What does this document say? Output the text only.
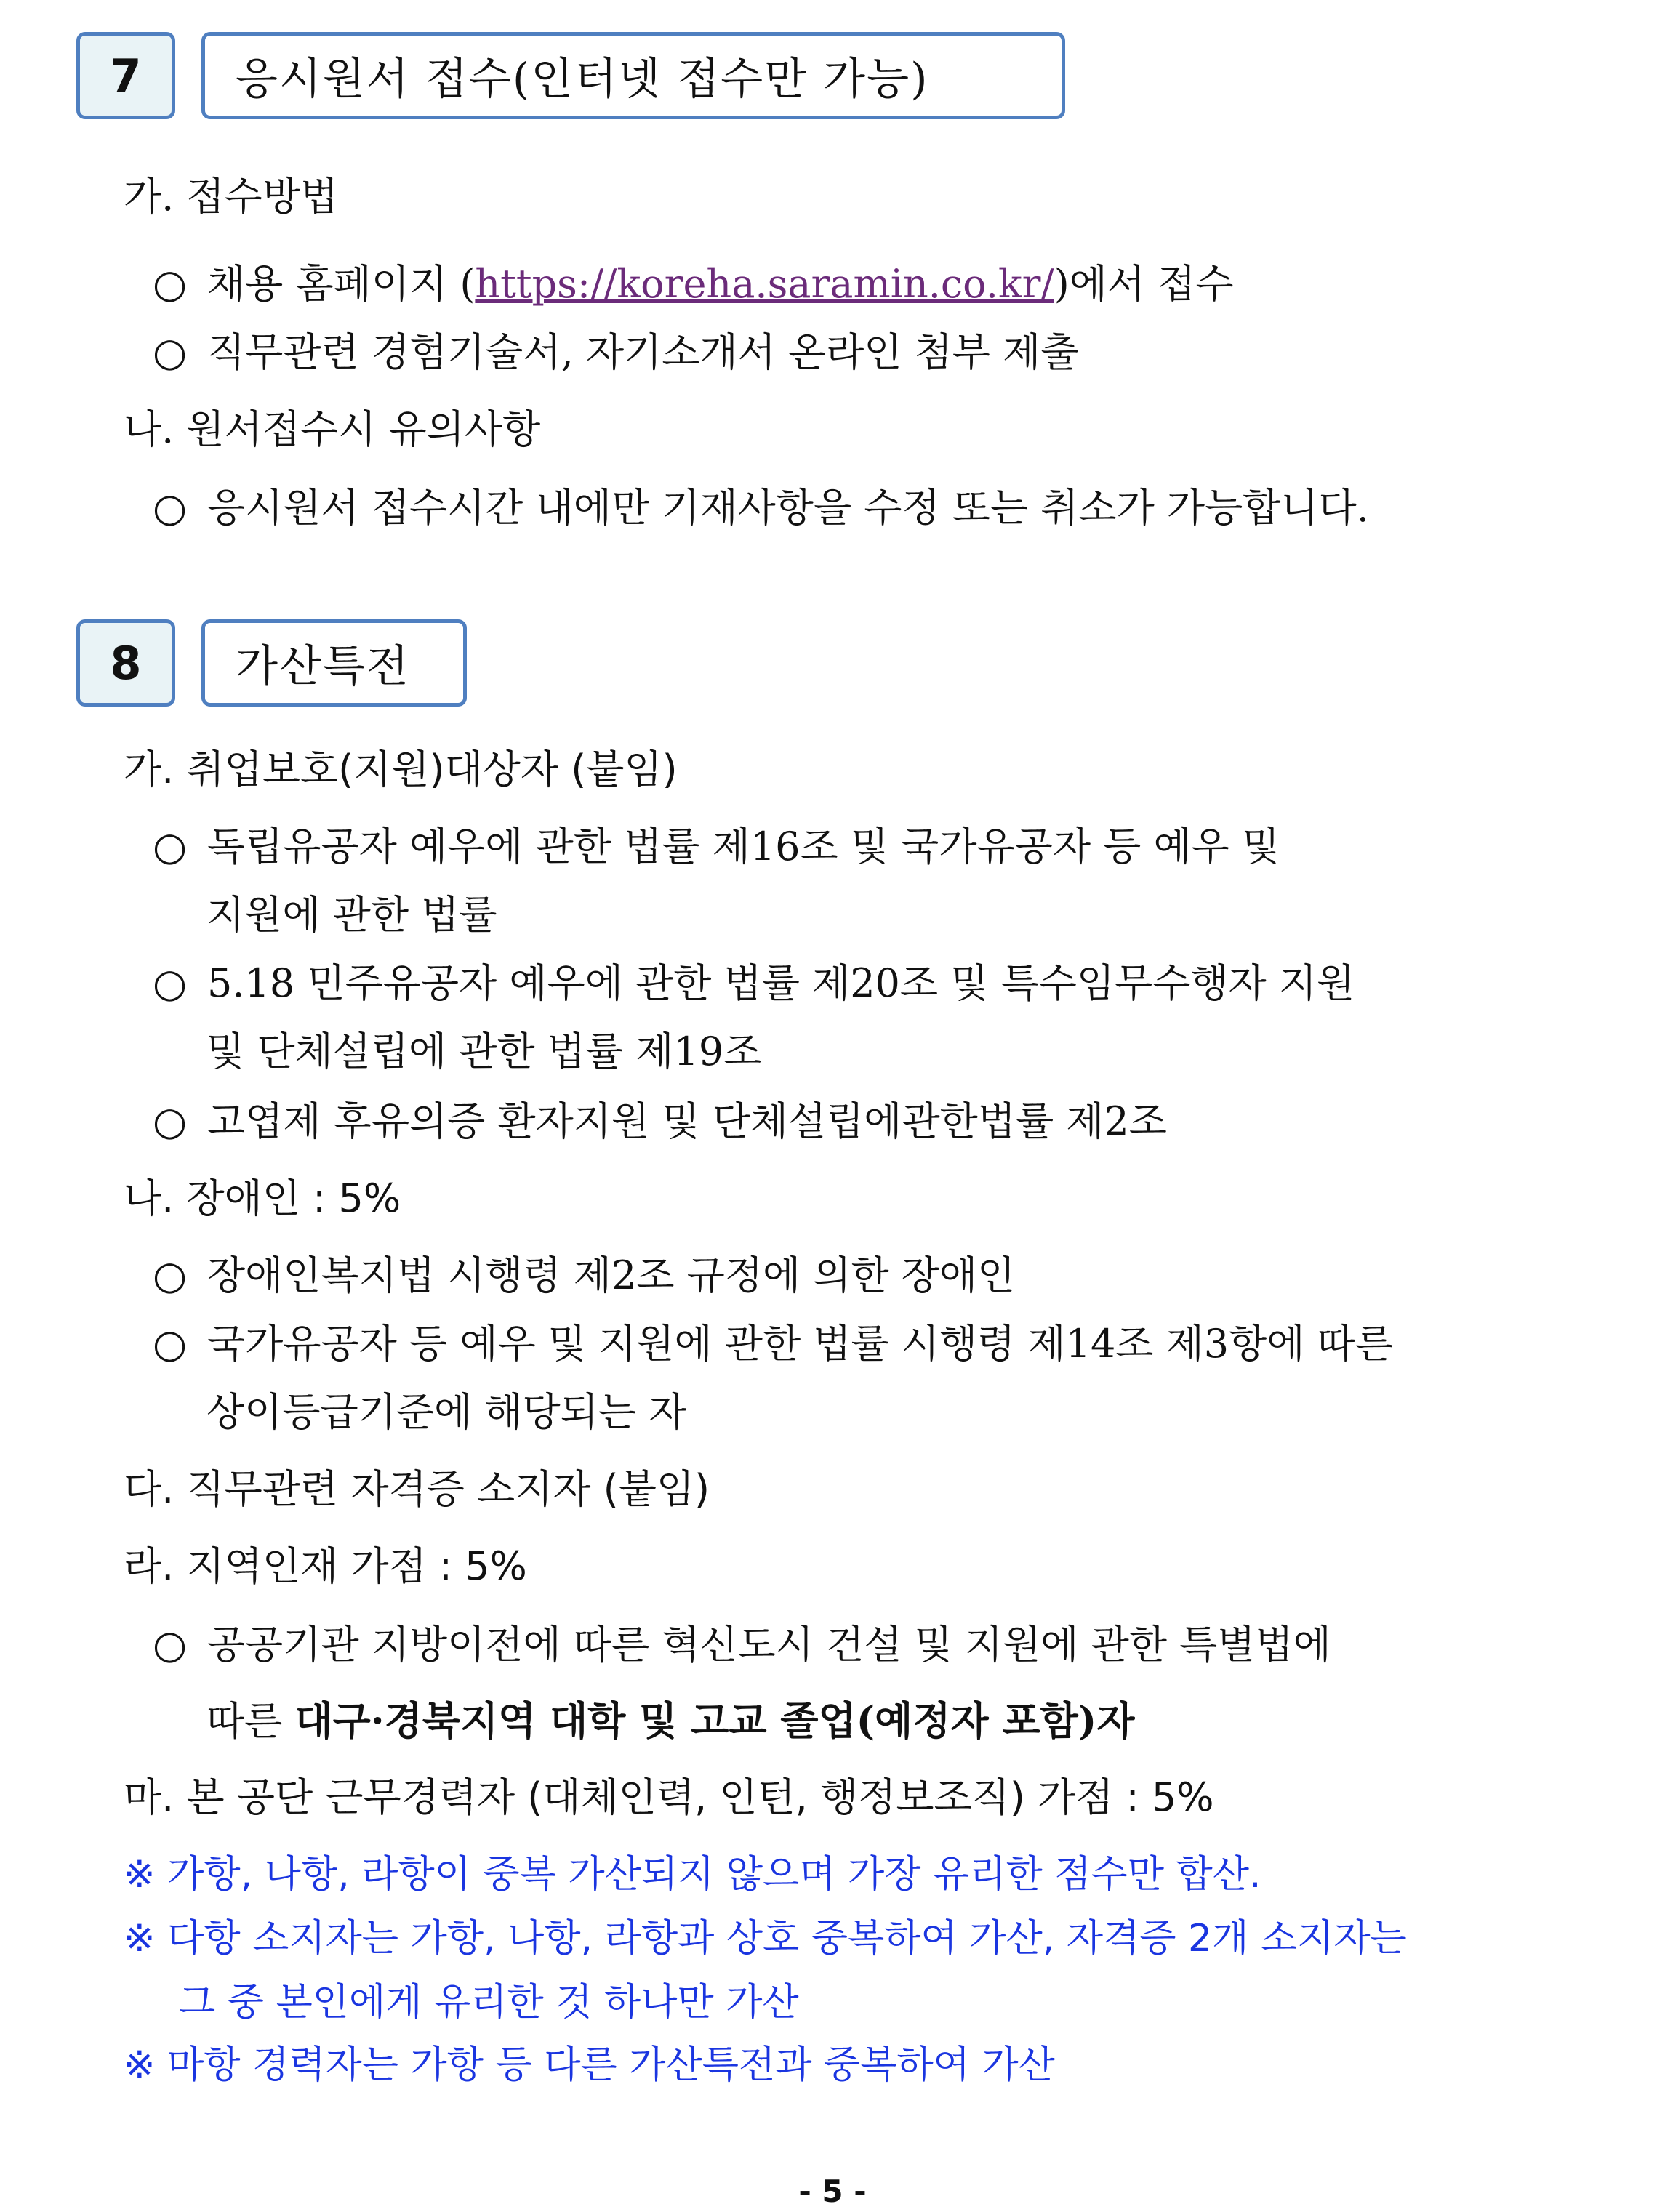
7	응시원서 접수(인터넷 접수만 가능)
가. 접수방법
○ 채용 홈페이지 (https://koreha.saramin.co.kr/)에서 접수
○ 직무관련 경험기술서, 자기소개서 온라인 첨부 제출
나. 원서접수시 유의사항
○ 응시원서 접수시간 내에만 기재사항을 수정 또는 취소가 가능합니다.
8	가산특전
가. 취업보호(지원)대상자 (붙임)
○ 독립유공자 예우에 관한 법률 제16조 및 국가유공자 등 예우 및
지원에 관한 법률
○ 5.18 민주유공자 예우에 관한 법률 제20조 및 특수임무수행자 지원
및 단체설립에 관한 법률 제19조
○ 고엽제 후유의증 환자지원 및 단체설립에관한법률 제2조
나. 장애인 : 5%
○ 장애인복지법 시행령 제2조 규정에 의한 장애인
○ 국가유공자 등 예우 및 지원에 관한 법률 시행령 제14조 제3항에 따른
상이등급기준에 해당되는 자
다. 직무관련 자격증 소지자 (붙임)
라. 지역인재 가점 : 5%
○ 공공기관 지방이전에 따른 혁신도시 건설 및 지원에 관한 특별법에
따른 대구·경북지역 대학 및 고교 졸업(예정자 포함)자
마. 본 공단 근무경력자 (대체인력, 인턴, 행정보조직) 가점 : 5%
※ 가항, 나항, 라항이 중복 가산되지 않으며 가장 유리한 점수만 합산.
※ 다항 소지자는 가항, 나항, 라항과 상호 중복하여 가산, 자격증 2개 소지자는
그 중 본인에게 유리한 것 하나만 가산
※ 마항 경력자는 가항 등 다른 가산특전과 중복하여 가산
- 5 -
